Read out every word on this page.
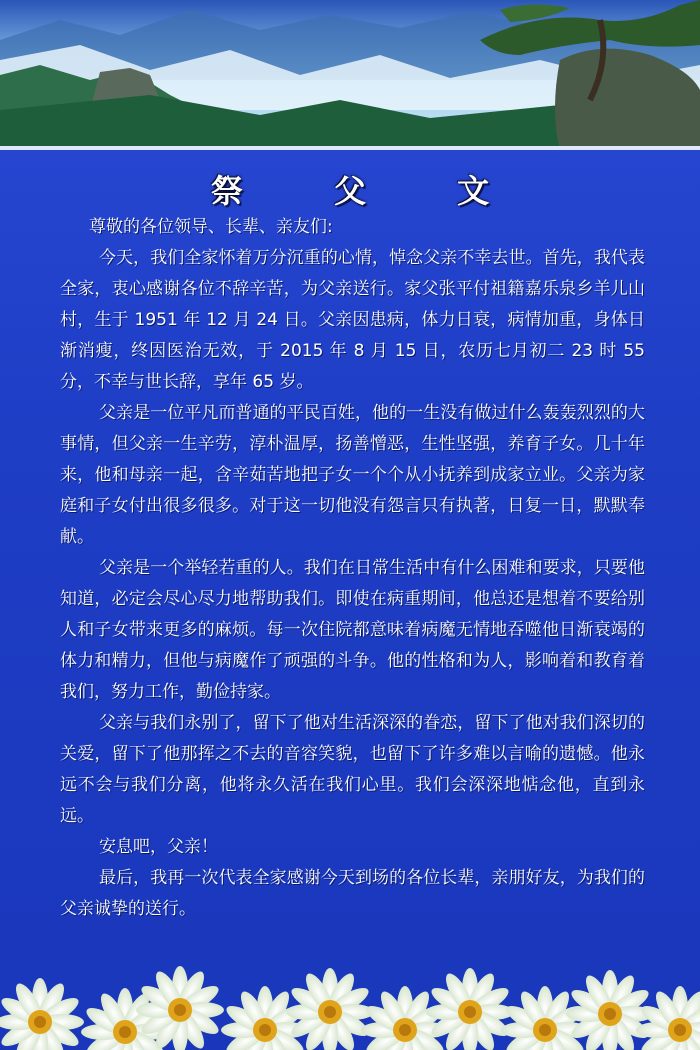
祭 父 文

尊敬的各位领导、长辈、亲友们:

今天，我们全家怀着万分沉重的心情，悼念父亲不幸去世。首先，我代表全家，衷心感谢各位不辞辛苦，为父亲送行。家父张平付祖籍嘉乐泉乡羊儿山村，生于 1951 年 12 月 24 日。父亲因患病，体力日衰，病情加重，身体日渐消瘦，终因医治无效，于 2015 年 8 月 15 日，农历七月初二 23 时 55 分，不幸与世长辞，享年 65 岁。

父亲是一位平凡而普通的平民百姓，他的一生没有做过什么轰轰烈烈的大事情，但父亲一生辛劳，淳朴温厚，扬善憎恶，生性坚强，养育子女。几十年来，他和母亲一起，含辛茹苦地把子女一个个从小抚养到成家立业。父亲为家庭和子女付出很多很多。对于这一切他没有怨言只有执著，日复一日，默默奉献。

父亲是一个举轻若重的人。我们在日常生活中有什么困难和要求，只要他知道，必定会尽心尽力地帮助我们。即使在病重期间，他总还是想着不要给别人和子女带来更多的麻烦。每一次住院都意味着病魔无情地吞噬他日渐衰竭的体力和精力，但他与病魔作了顽强的斗争。他的性格和为人，影响着和教育着我们，努力工作，勤俭持家。

父亲与我们永别了，留下了他对生活深深的眷恋，留下了他对我们深切的关爱，留下了他那挥之不去的音容笑貌，也留下了许多难以言喻的遗憾。他永远不会与我们分离，他将永久活在我们心里。我们会深深地惦念他，直到永远。

安息吧，父亲！

最后，我再一次代表全家感谢今天到场的各位长辈，亲朋好友，为我们的父亲诚挚的送行。
